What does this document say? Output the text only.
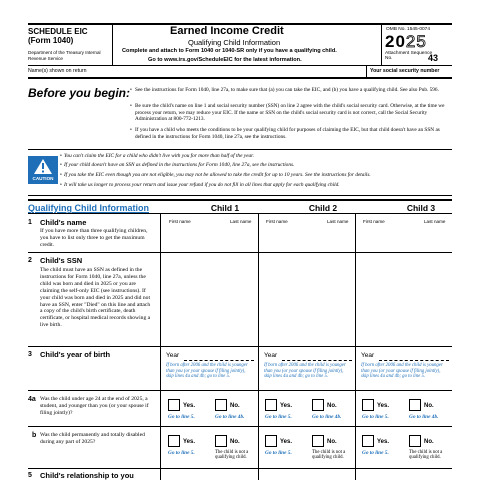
SCHEDULE EIC
(Form 1040)
Department of the Treasury Internal Revenue Service
Earned Income Credit
Qualifying Child Information
Complete and attach to Form 1040 or 1040-SR only if you have a qualifying child.
Go to www.irs.gov/ScheduleEIC for the latest information.
OMB No. 1545-0074
2025
Attachment Sequence No.	43
Name(s) shown on return	Your social security number
Before you begin:
• See the instructions for Form 1040, line 27a, to make sure that (a) you can take the EIC, and (b) you have a qualifying child. See also Pub. 596.
• Be sure the child's name on line 1 and social security number (SSN) on line 2 agree with the child's social security card. Otherwise, at the time we process your return, we may reduce your EIC. If the name or SSN on the child's social security card is not correct, call the Social Security Administration at 800-772-1213.
• If you have a child who meets the conditions to be your qualifying child for purposes of claiming the EIC, but that child doesn't have an SSN as defined in the instructions for Form 1040, line 27a, see the instructions.
CAUTION
• You can't claim the EIC for a child who didn't live with you for more than half of the year.
• If your child doesn't have an SSN as defined in the instructions for Form 1040, line 27a, see the instructions.
• If you take the EIC even though you are not eligible, you may not be allowed to take the credit for up to 10 years. See the instructions for details.
• It will take us longer to process your return and issue your refund if you do not fill in all lines that apply for each qualifying child.
Qualifying Child Information	Child 1	Child 2	Child 3
1 Child's name
If you have more than three qualifying children, you have to list only three to get the maximum credit.
First name	Last name	First name	Last name	First name	Last name
2 Child's SSN
The child must have an SSN as defined in the instructions for Form 1040, line 27a, unless the child was born and died in 2025 or you are claiming the self-only EIC (see instructions). If your child was born and died in 2025 and did not have an SSN, enter "Died" on this line and attach a copy of the child's birth certificate, death certificate, or hospital medical records showing a live birth.
3 Child's year of birth	Year
If born after 2006 and the child is younger than you (or your spouse if filing jointly), skip lines 4a and 4b; go to line 5.
Year
If born after 2006 and the child is younger than you (or your spouse if filing jointly), skip lines 4a and 4b; go to line 5.
Year
If born after 2006 and the child is younger than you (or your spouse if filing jointly), skip lines 4a and 4b; go to line 5.
4a Was the child under age 24 at the end of 2025, a student, and younger than you (or your spouse if filing jointly)?
Yes.	No.
Go to line 5.	Go to line 4b.
Yes.	No.
Go to line 5.	Go to line 4b.
Yes.	No.
Go to line 5.	Go to line 4b.
b Was the child permanently and totally disabled during any part of 2025?	Yes.	No.
Go to line 5.	The child is not a qualifying child.
Yes.	No.
Go to line 5.	The child is not a qualifying child.
Yes.	No.
Go to line 5.	The child is not a qualifying child.
5 Child's relationship to you
